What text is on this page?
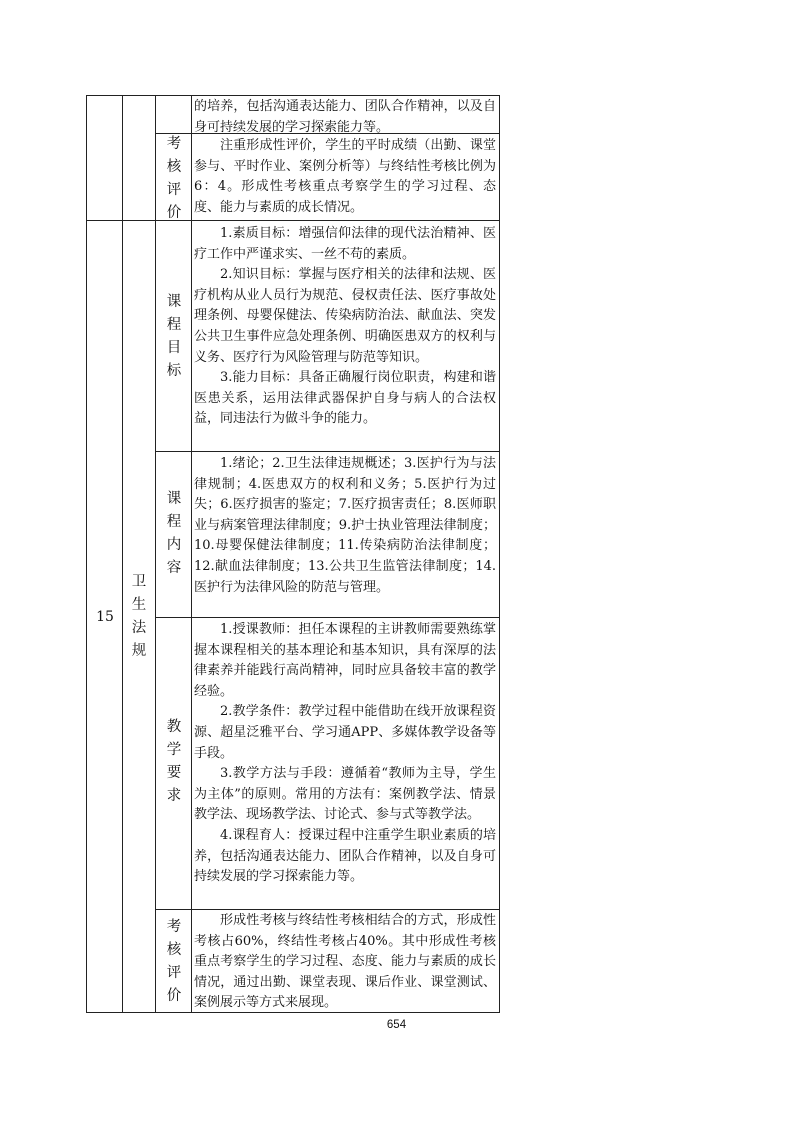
的培养，包括沟通表达能力、团队合作精神，以及自身可持续发展的学习探索能力等。

考
核
评
价

注重形成性评价，学生的平时成绩（出勤、课堂参与、平时作业、案例分析等）与终结性考核比例为6：4。形成性考核重点考察学生的学习过程、态度、能力与素质的成长情况。

15
卫
生
法
规
课
程
目
标

1.素质目标：增强信仰法律的现代法治精神、医疗工作中严谨求实、一丝不苟的素质。

2.知识目标：掌握与医疗相关的法律和法规、医疗机构从业人员行为规范、侵权责任法、医疗事故处理条例、母婴保健法、传染病防治法、献血法、突发公共卫生事件应急处理条例、明确医患双方的权利与义务、医疗行为风险管理与防范等知识。

3.能力目标：具备正确履行岗位职责，构建和谐医患关系，运用法律武器保护自身与病人的合法权益，同违法行为做斗争的能力。

课
程
内
容

1.绪论；2.卫生法律违规概述；3.医护行为与法律规制；4.医患双方的权利和义务；5.医护行为过失；6.医疗损害的鉴定；7.医疗损害责任；8.医师职业与病案管理法律制度；9.护士执业管理法律制度；10.母婴保健法律制度；11.传染病防治法律制度；12.献血法律制度；13.公共卫生监管法律制度；14.医护行为法律风险的防范与管理。

教
学
要
求

1.授课教师：担任本课程的主讲教师需要熟练掌握本课程相关的基本理论和基本知识，具有深厚的法律素养并能践行高尚精神，同时应具备较丰富的教学经验。

2.教学条件：教学过程中能借助在线开放课程资源、超星泛雅平台、学习通APP、多媒体教学设备等手段。

3.教学方法与手段：遵循着“教师为主导，学生为主体”的原则。常用的方法有：案例教学法、情景教学法、现场教学法、讨论式、参与式等教学法。

4.课程育人：授课过程中注重学生职业素质的培养，包括沟通表达能力、团队合作精神，以及自身可持续发展的学习探索能力等。

考
核
评
价

形成性考核与终结性考核相结合的方式，形成性考核占60%，终结性考核占40%。其中形成性考核重点考察学生的学习过程、态度、能力与素质的成长情况，通过出勤、课堂表现、课后作业、课堂测试、案例展示等方式来展现。

654
